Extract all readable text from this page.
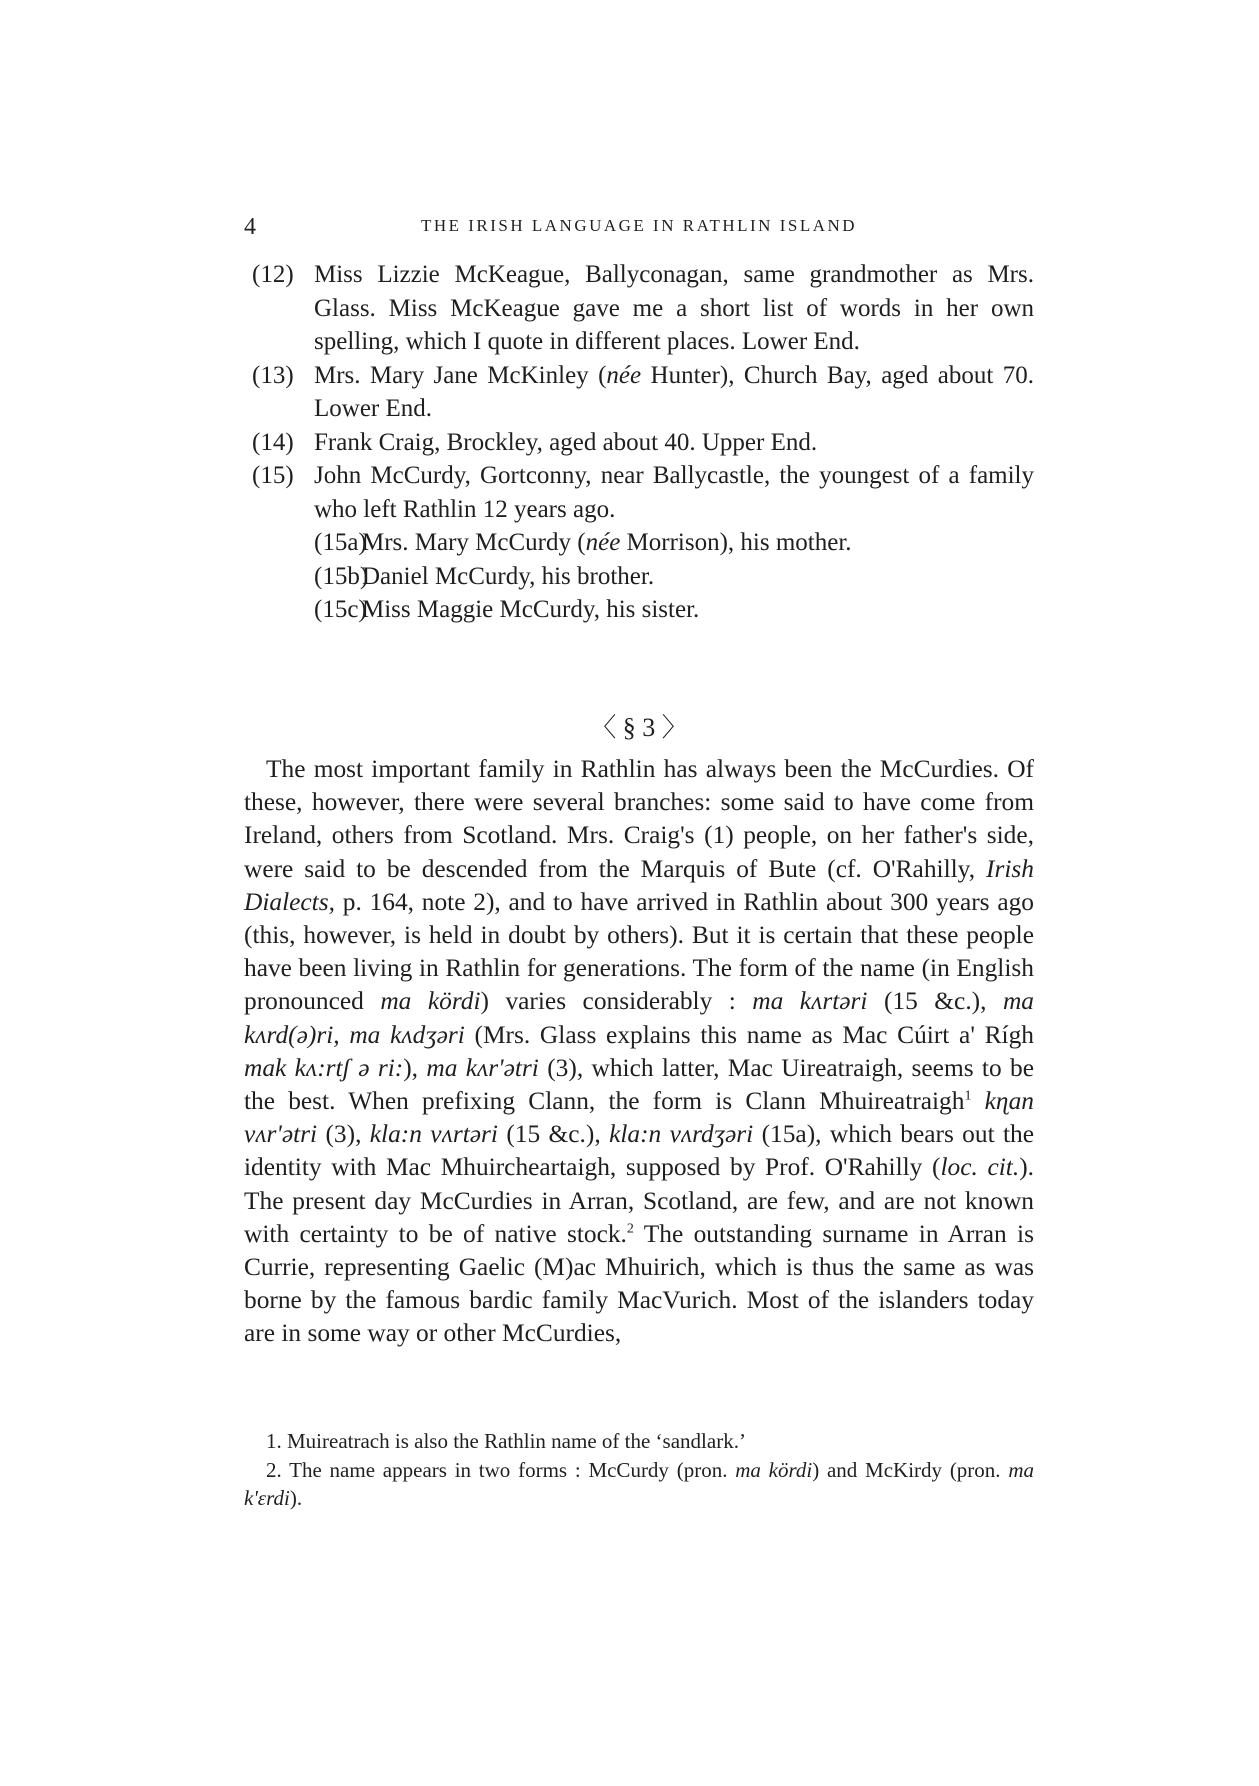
4	THE IRISH LANGUAGE IN RATHLIN ISLAND
(12) Miss Lizzie McKeague, Ballyconagan, same grandmother as Mrs. Glass. Miss McKeague gave me a short list of words in her own spelling, which I quote in different places. Lower End.
(13) Mrs. Mary Jane McKinley (née Hunter), Church Bay, aged about 70. Lower End.
(14) Frank Craig, Brockley, aged about 40. Upper End.
(15) John McCurdy, Gortconny, near Ballycastle, the youngest of a family who left Rathlin 12 years ago.
(15a)
Mrs. Mary McCurdy (née Morrison), his mother.
(15b)
Daniel McCurdy, his brother.
(15c)
Miss Maggie McCurdy, his sister.
〈 § 3 〉

The most important family in Rathlin has always been the McCurdies. Of these, however, there were several branches: some said to have come from Ireland, others from Scotland. Mrs. Craig's (1) people, on her father's side, were said to be descended from the Marquis of Bute (cf. O'Rahilly, Irish Dialects, p. 164, note 2), and to have arrived in Rathlin about 300 years ago (this, however, is held in doubt by others). But it is certain that these people have been living in Rathlin for generations. The form of the name (in English pronounced ma kördi) varies considerably : ma kʌrtəri (15 &c.), ma kʌrd(ə)ri, ma kʌdʒəri (Mrs. Glass explains this name as Mac Cúirt a' Rígh mak kʌ:rtʃ ə ri:), ma kʌr'ətri (3), which latter, Mac Uireatraigh, seems to be the best. When prefixing Clann, the form is Clann Mhuireatraigh$^1$ kɳan vʌr'ətri (3), kla:n vʌrtəri (15 &c.), kla:n vʌrdʒəri (15a), which bears out the identity with Mac Mhuircheartaigh, supposed by Prof. O'Rahilly (loc. cit.). The present day McCurdies in Arran, Scotland, are few, and are not known with certainty to be of native stock.$^2$ The outstanding surname in Arran is Currie, representing Gaelic (M)ac Mhuirich, which is thus the same as was borne by the famous bardic family MacVurich. Most of the islanders today are in some way or other McCurdies,

1. Muireatrach is also the Rathlin name of the ‘sandlark.’
2. The name appears in two forms : McCurdy (pron. ma kördi) and McKirdy (pron. ma k'ɛrdi).
